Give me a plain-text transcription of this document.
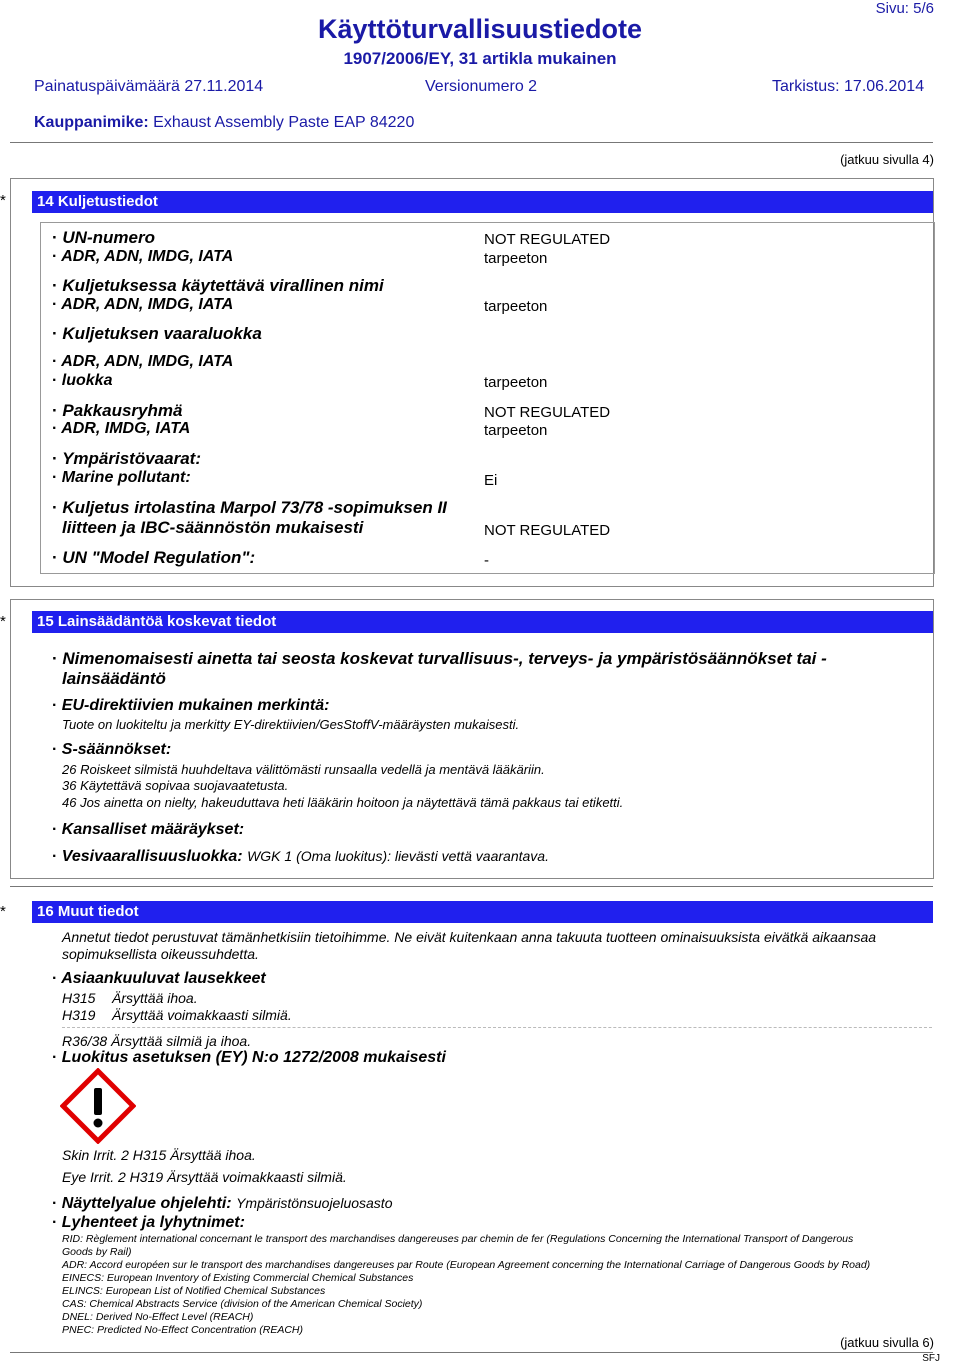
Sivu: 5/6
Käyttöturvallisuustiedote
1907/2006/EY, 31 artikla mukainen
Painatuspäivämäärä 27.11.2014	Versionumero 2	Tarkistus: 17.06.2014
Kauppanimike: Exhaust Assembly Paste EAP 84220
(jatkuu sivulla 4)
*	14 Kuljetustiedot
· UN-numero	NOT REGULATED
· ADR, ADN, IMDG, IATA	tarpeeton
· Kuljetuksessa käytettävä virallinen nimi
· ADR, ADN, IMDG, IATA	tarpeeton
· Kuljetuksen vaaraluokka
· ADR, ADN, IMDG, IATA
· luokka	tarpeeton
· Pakkausryhmä	NOT REGULATED
· ADR, IMDG, IATA	tarpeeton
· Ympäristövaarat:
· Marine pollutant:	Ei
· Kuljetus irtolastina Marpol 73/78 -sopimuksen II
liitteen ja IBC-säännöstön mukaisesti	NOT REGULATED
· UN "Model Regulation":	-
*	15 Lainsäädäntöä koskevat tiedot
· Nimenomaisesti ainetta tai seosta koskevat turvallisuus-, terveys- ja ympäristösäännökset tai -
lainsäädäntö
· EU-direktiivien mukainen merkintä:
Tuote on luokiteltu ja merkitty EY-direktiivien/GesStoffV-määräysten mukaisesti.
· S-säännökset:
26 Roiskeet silmistä huuhdeltava välittömästi runsaalla vedellä ja mentävä lääkäriin.
36 Käytettävä sopivaa suojavaatetusta.
46 Jos ainetta on nielty, hakeuduttava heti lääkärin hoitoon ja näytettävä tämä pakkaus tai etiketti.
· Kansalliset määräykset:
· Vesivaarallisuusluokka: WGK 1 (Oma luokitus): lievästi vettä vaarantava.
*	16 Muut tiedot
Annetut tiedot perustuvat tämänhetkisiin tietoihimme. Ne eivät kuitenkaan anna takuuta tuotteen ominaisuuksista eivätkä aikaansaa
sopimuksellista oikeussuhdetta.
· Asiaankuuluvat lausekkeet
H315 Ärsyttää ihoa.
H319 Ärsyttää voimakkaasti silmiä.
R36/38 Ärsyttää silmiä ja ihoa.
· Luokitus asetuksen (EY) N:o 1272/2008 mukaisesti
Skin Irrit. 2 H315 Ärsyttää ihoa.
Eye Irrit. 2 H319 Ärsyttää voimakkaasti silmiä.
· Näyttelyalue ohjelehti: Ympäristönsuojeluosasto
· Lyhenteet ja lyhytnimet:
RID: Règlement international concernant le transport des marchandises dangereuses par chemin de fer (Regulations Concerning the International Transport of Dangerous
Goods by Rail)
ADR: Accord européen sur le transport des marchandises dangereuses par Route (European Agreement concerning the International Carriage of Dangerous Goods by Road)
EINECS: European Inventory of Existing Commercial Chemical Substances
ELINCS: European List of Notified Chemical Substances
CAS: Chemical Abstracts Service (division of the American Chemical Society)
DNEL: Derived No-Effect Level (REACH)
PNEC: Predicted No-Effect Concentration (REACH)
(jatkuu sivulla 6)
SFJ
